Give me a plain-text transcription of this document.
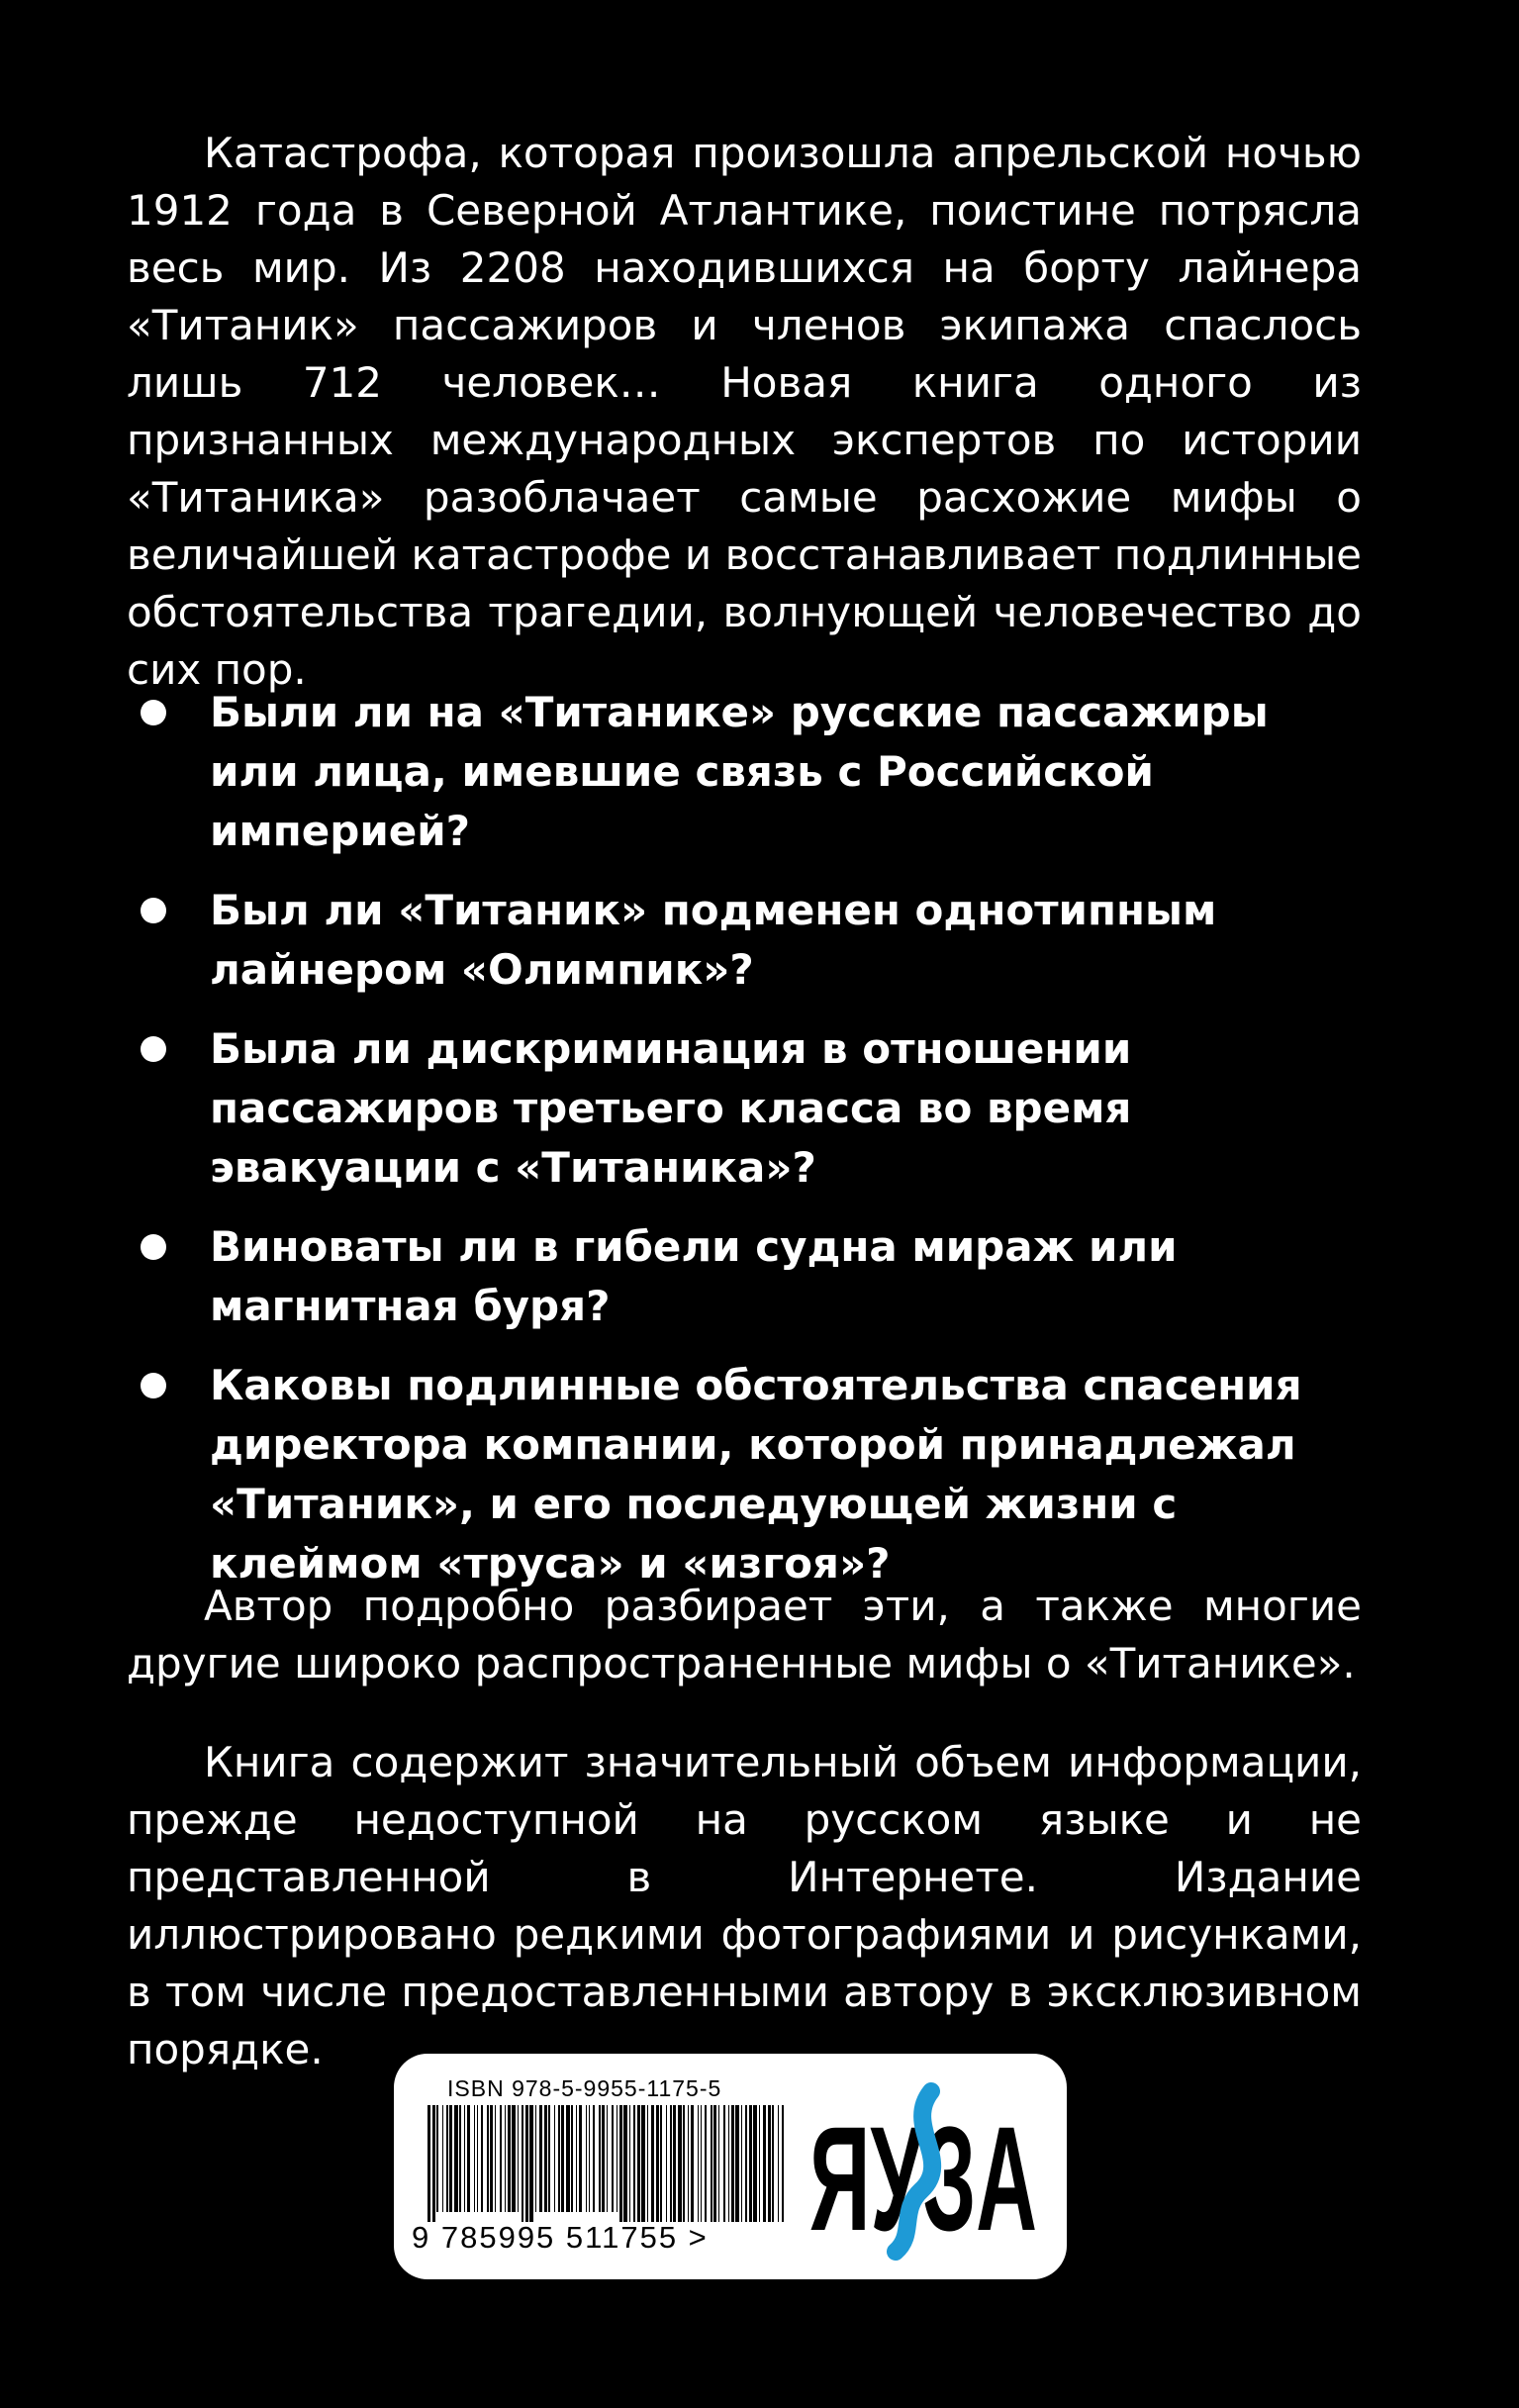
Катастрофа, которая произошла апрельской ночью 1912 года в Северной Атлантике, поистине потрясла весь мир. Из 2208 находившихся на борту лайнера «Титаник» пассажиров и членов экипажа спаслось лишь 712 человек… Новая книга одного из признанных международных экспертов по истории «Титаника» разоблачает самые расхожие мифы о величайшей катастрофе и восстанавливает подлинные обстоятельства трагедии, волнующей человечество до сих пор.

Были ли на «Титанике» русские пассажиры или лица, имевшие связь с Российской империей?
Был ли «Титаник» подменен однотипным лайнером «Олимпик»?
Была ли дискриминация в отношении пассажиров третьего класса во время эвакуации с «Титаника»?
Виноваты ли в гибели судна мираж или магнитная буря?
Каковы подлинные обстоятельства спасения директора компании, которой принадлежал «Титаник», и его последующей жизни с клеймом «труса» и «изгоя»?

Автор подробно разбирает эти, а также многие другие широко распространенные мифы о «Титанике».

Книга содержит значительный объем информации, прежде недоступной на русском языке и не представленной в Интернете. Издание иллюстрировано редкими фотографиями и рисунками, в том числе предоставленными автору в эксклюзивном порядке.

ISBN 978-5-9955-1175-5
9 785995 511755 > ЯУЗА
